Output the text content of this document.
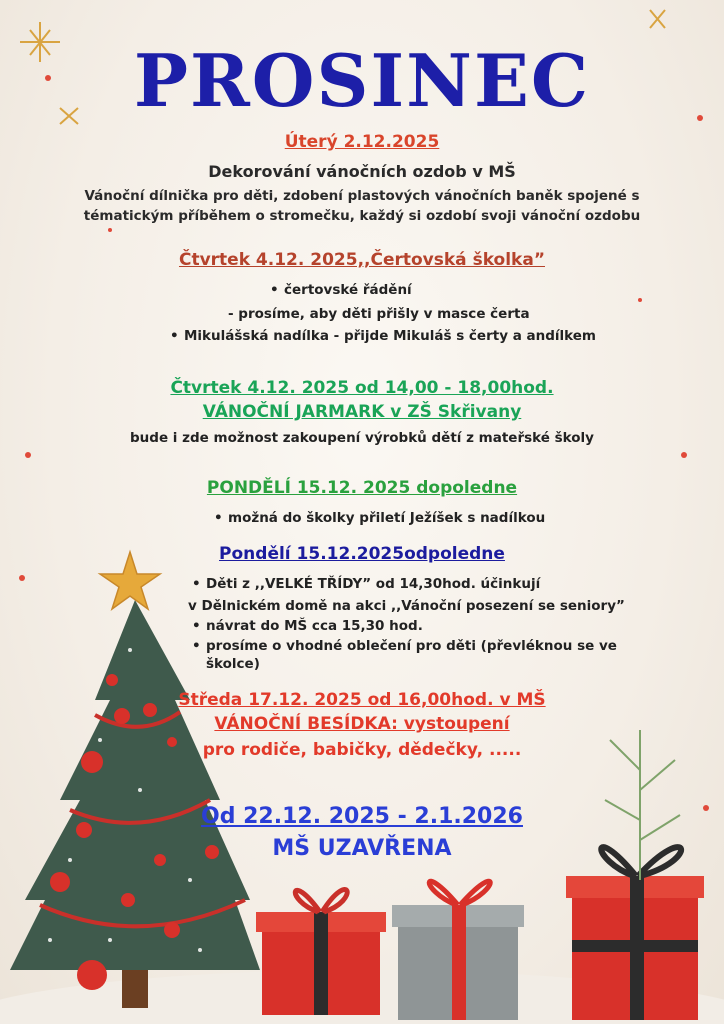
PROSINEC
Úterý 2.12.2025
Dekorování vánočních ozdob v MŠ
Vánoční dílnička pro děti, zdobení plastových vánočních baněk spojené s tématickým příběhem o stromečku, každý si ozdobí svoji vánoční ozdobu
Čtvrtek 4.12. 2025,,Čertovská školka”
• čertovské řádění
- prosíme, aby děti přišly v masce čerta
• Mikulášská nadílka - přijde Mikuláš s čerty a andílkem
Čtvrtek 4.12. 2025 od 14,00 - 18,00hod.
VÁNOČNÍ JARMARK v ZŠ Skřivany
bude i zde možnost zakoupení výrobků dětí z mateřské školy
PONDĚLÍ 15.12. 2025 dopoledne
• možná do školky přiletí Ježíšek s nadílkou
Pondělí 15.12.2025odpoledne
• Děti z ,,VELKÉ TŘÍDY” od 14,30hod. účinkují
v Dělnickém domě na akci ,,Vánoční posezení se seniory”
• návrat do MŠ cca 15,30 hod.
• prosíme o vhodné oblečení pro děti (převléknou se ve
školce)
Středa 17.12. 2025 od 16,00hod. v MŠ
VÁNOČNÍ BESÍDKA: vystoupení
pro rodiče, babičky, dědečky, .....
Od 22.12. 2025 - 2.1.2026
MŠ UZAVŘENA
